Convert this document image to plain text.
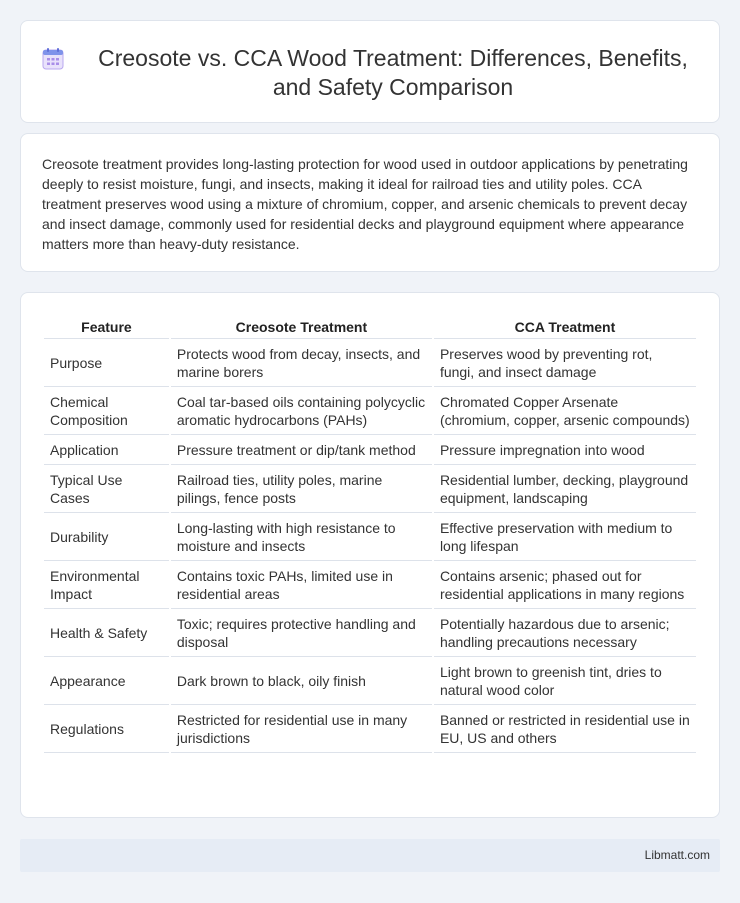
Creosote vs. CCA Wood Treatment: Differences, Benefits, and Safety Comparison

Creosote treatment provides long-lasting protection for wood used in outdoor applications by penetrating deeply to resist moisture, fungi, and insects, making it ideal for railroad ties and utility poles. CCA treatment preserves wood using a mixture of chromium, copper, and arsenic chemicals to prevent decay and insect damage, commonly used for residential decks and playground equipment where appearance matters more than heavy-duty resistance.

Feature	Creosote Treatment	CCA Treatment
Purpose	Protects wood from decay, insects, and marine borers	Preserves wood by preventing rot, fungi, and insect damage
Chemical Composition	Coal tar-based oils containing polycyclic aromatic hydrocarbons (PAHs)	Chromated Copper Arsenate (chromium, copper, arsenic compounds)
Application	Pressure treatment or dip/tank method	Pressure impregnation into wood
Typical Use Cases	Railroad ties, utility poles, marine pilings, fence posts	Residential lumber, decking, playground equipment, landscaping
Durability	Long-lasting with high resistance to moisture and insects	Effective preservation with medium to long lifespan
Environmental Impact	Contains toxic PAHs, limited use in residential areas	Contains arsenic; phased out for residential applications in many regions
Health & Safety	Toxic; requires protective handling and disposal	Potentially hazardous due to arsenic; handling precautions necessary
Appearance	Dark brown to black, oily finish	Light brown to greenish tint, dries to natural wood color
Regulations	Restricted for residential use in many jurisdictions	Banned or restricted in residential use in EU, US and others
Libmatt.com
